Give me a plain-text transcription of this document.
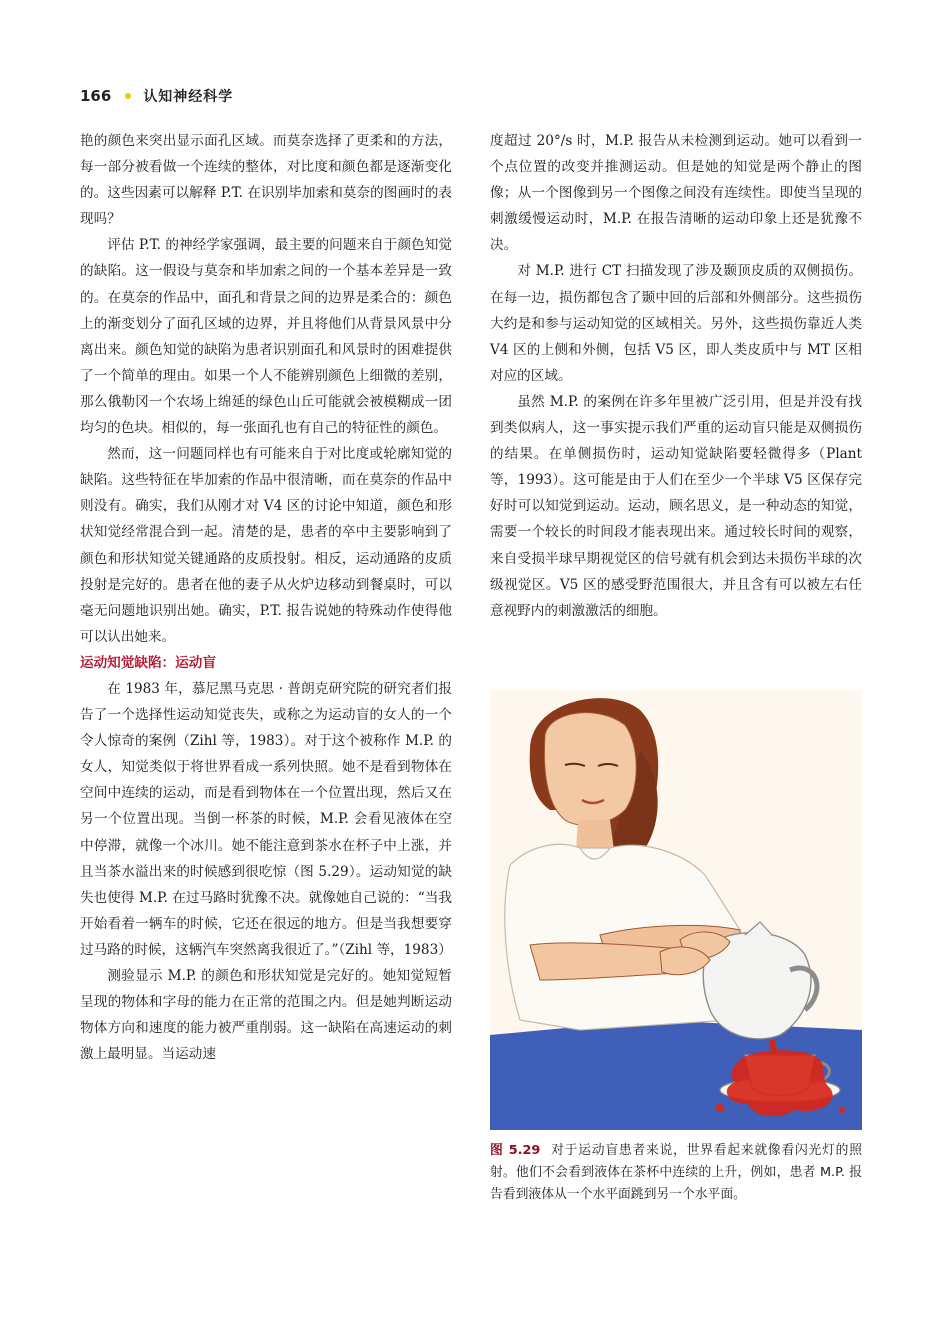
166 认知神经科学

艳的颜色来突出显示面孔区域。而莫奈选择了更柔和的方法，每一部分被看做一个连续的整体，对比度和颜色都是逐渐变化的。这些因素可以解释 P.T. 在识别毕加索和莫奈的图画时的表现吗？

评估 P.T. 的神经学家强调，最主要的问题来自于颜色知觉的缺陷。这一假设与莫奈和毕加索之间的一个基本差异是一致的。在莫奈的作品中，面孔和背景之间的边界是柔合的：颜色上的渐变划分了面孔区域的边界，并且将他们从背景风景中分离出来。颜色知觉的缺陷为患者识别面孔和风景时的困难提供了一个简单的理由。如果一个人不能辨别颜色上细微的差别，那么俄勒冈一个农场上绵延的绿色山丘可能就会被模糊成一团均匀的色块。相似的，每一张面孔也有自己的特征性的颜色。

然而，这一问题同样也有可能来自于对比度或轮廓知觉的缺陷。这些特征在毕加索的作品中很清晰，而在莫奈的作品中则没有。确实，我们从刚才对 V4 区的讨论中知道，颜色和形状知觉经常混合到一起。清楚的是，患者的卒中主要影响到了颜色和形状知觉关键通路的皮质投射。相反，运动通路的皮质投射是完好的。患者在他的妻子从火炉边移动到餐桌时，可以毫无问题地识别出她。确实，P.T. 报告说她的特殊动作使得他可以认出她来。

运动知觉缺陷：运动盲

在 1983 年，慕尼黑马克思 · 普朗克研究院的研究者们报告了一个选择性运动知觉丧失，或称之为运动盲的女人的一个令人惊奇的案例（Zihl 等，1983）。对于这个被称作 M.P. 的女人，知觉类似于将世界看成一系列快照。她不是看到物体在空间中连续的运动，而是看到物体在一个位置出现，然后又在另一个位置出现。当倒一杯茶的时候，M.P. 会看见液体在空中停滞，就像一个冰川。她不能注意到茶水在杯子中上涨，并且当茶水溢出来的时候感到很吃惊（图 5.29）。运动知觉的缺失也使得 M.P. 在过马路时犹豫不决。就像她自己说的：“当我开始看着一辆车的时候，它还在很远的地方。但是当我想要穿过马路的时候，这辆汽车突然离我很近了。”（Zihl 等，1983）

测验显示 M.P. 的颜色和形状知觉是完好的。她知觉短暂呈现的物体和字母的能力在正常的范围之内。但是她判断运动物体方向和速度的能力被严重削弱。这一缺陷在高速运动的刺激上最明显。当运动速

度超过 20°/s 时，M.P. 报告从未检测到运动。她可以看到一个点位置的改变并推测运动。但是她的知觉是两个静止的图像；从一个图像到另一个图像之间没有连续性。即使当呈现的刺激缓慢运动时，M.P. 在报告清晰的运动印象上还是犹豫不决。

对 M.P. 进行 CT 扫描发现了涉及颞顶皮质的双侧损伤。在每一边，损伤都包含了颞中回的后部和外侧部分。这些损伤大约是和参与运动知觉的区域相关。另外，这些损伤靠近人类 V4 区的上侧和外侧，包括 V5 区，即人类皮质中与 MT 区相对应的区域。

虽然 M.P. 的案例在许多年里被广泛引用，但是并没有找到类似病人，这一事实提示我们严重的运动盲只能是双侧损伤的结果。在单侧损伤时，运动知觉缺陷要轻微得多（Plant 等，1993）。这可能是由于人们在至少一个半球 V5 区保存完好时可以知觉到运动。运动，顾名思义，是一种动态的知觉，需要一个较长的时间段才能表现出来。通过较长时间的观察，来自受损半球早期视觉区的信号就有机会到达未损伤半球的次级视觉区。V5 区的感受野范围很大，并且含有可以被左右任意视野内的刺激激活的细胞。

图 5.29 对于运动盲患者来说，世界看起来就像看闪光灯的照射。他们不会看到液体在茶杯中连续的上升，例如，患者 M.P. 报告看到液体从一个水平面跳到另一个水平面。
